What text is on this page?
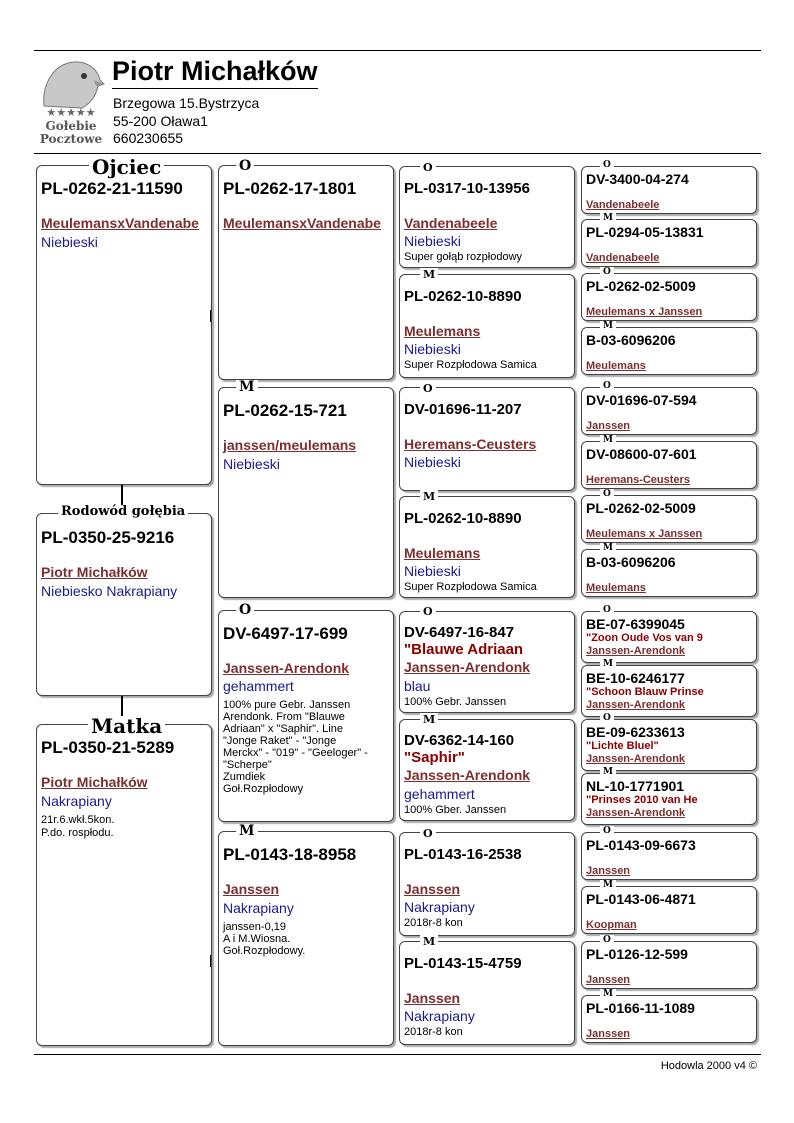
★★★★★
Gołebie
Pocztowe
Piotr Michałków
Brzegowa 15.Bystrzyca
55-200 Oława1
660230655
PL-0262-21-11590
MeulemansxVandenabe
Niebieski
Ojciec
PL-0350-25-9216
Piotr Michałków
Niebiesko Nakrapiany
Rodowód gołębia
PL-0350-21-5289
Piotr Michałków
Nakrapiany
21r.6.wkł.5kon.
P.do. rospłodu.
Matka
PL-0262-17-1801
MeulemansxVandenabe
O
PL-0262-15-721
janssen/meulemans
Niebieski
M
DV-6497-17-699
Janssen-Arendonk
gehammert
100% pure Gebr. Janssen
Arendonk. From "Blauwe
Adriaan" x "Saphir". Line
"Jonge Raket" - "Jonge
Merckx" - "019" - "Geeloger" -
"Scherpe"
Zumdiek
Goł.Rozpłodowy
O
PL-0143-18-8958
Janssen
Nakrapiany
janssen-0,19
A i M.Wiosna.
Goł.Rozpłodowy.
M
PL-0317-10-13956
Vandenabeele
Niebieski
Super gołąb rozpłodowy
O
PL-0262-10-8890
Meulemans
Niebieski
Super Rozpłodowa Samica
M
DV-01696-11-207
Heremans-Ceusters
Niebieski
O
PL-0262-10-8890
Meulemans
Niebieski
Super Rozpłodowa Samica
M
DV-6497-16-847
"Blauwe Adriaan
Janssen-Arendonk
blau
100% Gebr. Janssen
O
DV-6362-14-160
"Saphir"
Janssen-Arendonk
gehammert
100% Gber. Janssen
M
PL-0143-16-2538
Janssen
Nakrapiany
2018r-8 kon
O
PL-0143-15-4759
Janssen
Nakrapiany
2018r-8 kon
M
DV-3400-04-274
Vandenabeele
O
PL-0294-05-13831
Vandenabeele
M
PL-0262-02-5009
Meulemans x Janssen
O
B-03-6096206
Meulemans
M
DV-01696-07-594
Janssen
O
DV-08600-07-601
Heremans-Ceusters
M
PL-0262-02-5009
Meulemans x Janssen
O
B-03-6096206
Meulemans
M
BE-07-6399045
"Zoon Oude Vos van 9
Janssen-Arendonk
O
BE-10-6246177
"Schoon Blauw Prinse
Janssen-Arendonk
M
BE-09-6233613
"Lichte Bluel"
Janssen-Arendonk
O
NL-10-1771901
"Prinses 2010 van He
Janssen-Arendonk
M
PL-0143-09-6673
Janssen
O
PL-0143-06-4871
Koopman
M
PL-0126-12-599
Janssen
O
PL-0166-11-1089
Janssen
M
Hodowla 2000 v4 ©
